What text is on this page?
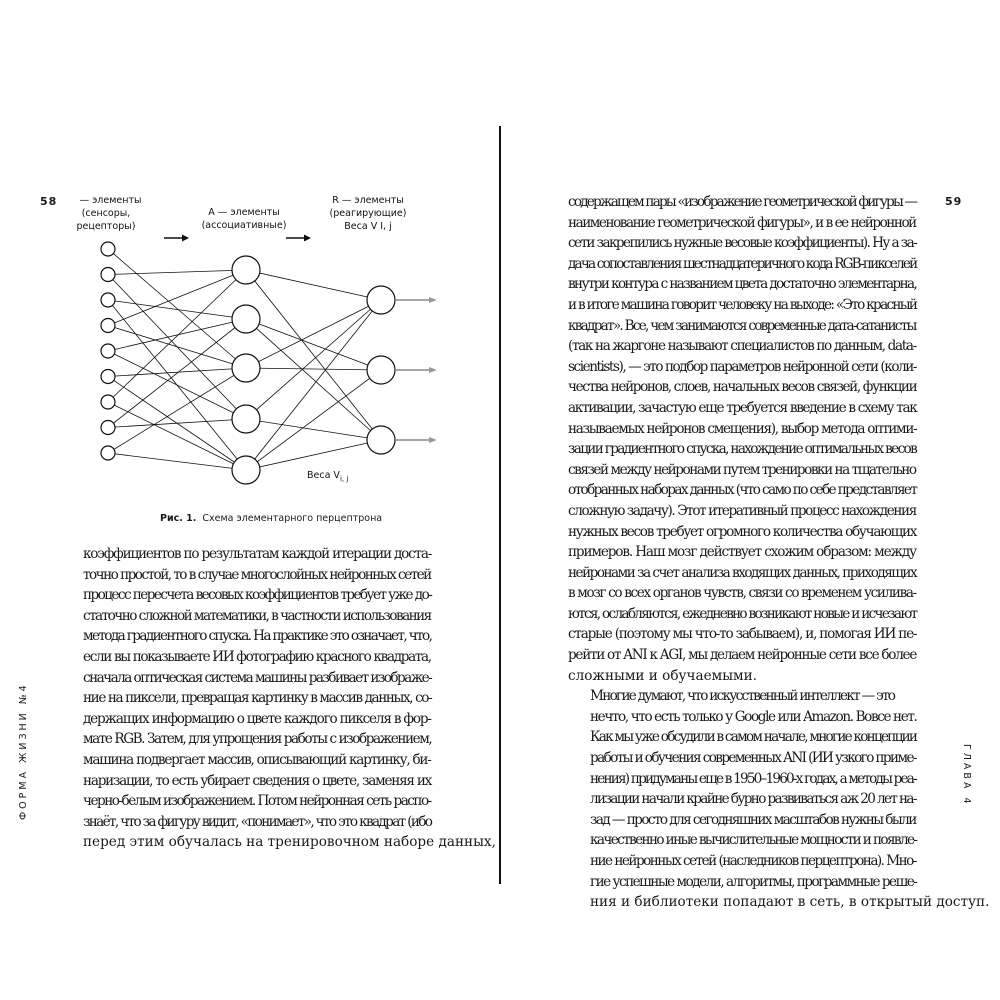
58
ФОРМА ЖИЗНИ №4
S — элементы
(сенсоры,
рецепторы)
А — элементы
(ассоциативные)
R — элементы
(реагирующие)
Веса V I, j
Веса $V_{i, j}$
Рис. 1. Схема элементарного перцептрона

коэффициентов по результатам каждой итерации доста-
точно простой, то в случае многослойных нейронных сетей
процесс пересчета весовых коэффициентов требует уже до-
статочно сложной математики, в частности использования
метода градиентного спуска. На практике это означает, что,
если вы показываете ИИ фотографию красного квадрата,
сначала оптическая система машины разбивает изображе-
ние на пиксели, превращая картинку в массив данных, со-
держащих информацию о цвете каждого пикселя в фор-
мате RGB. Затем, для упрощения работы с изображением,
машина подвергает массив, описывающий картинку, би-
наризации, то есть убирает сведения о цвете, заменяя их
черно-белым изображением. Потом нейронная сеть распо-
знаёт, что за фигуру видит, «понимает», что это квадрат (ибо
перед этим обучалась на тренировочном наборе данных,

59
ГЛАВА 4

содержащем пары «изображение геометрической фигуры —
наименование геометрической фигуры», и в ее нейронной
сети закрепились нужные весовые коэффициенты). Ну а за-
дача сопоставления шестнадцатеричного кода RGB-пикселей
внутри контура с названием цвета достаточно элементарна,
и в итоге машина говорит человеку на выходе: «Это красный
квадрат». Все, чем занимаются современные дата-сатанисты
(так на жаргоне называют специалистов по данным, data-
scientists), — это подбор параметров нейронной сети (коли-
чества нейронов, слоев, начальных весов связей, функции
активации, зачастую еще требуется введение в схему так
называемых нейронов смещения), выбор метода оптими-
зации градиентного спуска, нахождение оптимальных весов
связей между нейронами путем тренировки на тщательно
отобранных наборах данных (что само по себе представляет
сложную задачу). Этот итеративный процесс нахождения
нужных весов требует огромного количества обучающих
примеров. Наш мозг действует схожим образом: между
нейронами за счет анализа входящих данных, приходящих
в мозг со всех органов чувств, связи со временем усилива-
ются, ослабляются, ежедневно возникают новые и исчезают
старые (поэтому мы что-то забываем), и, помогая ИИ пе-
рейти от ANI к AGI, мы делаем нейронные сети все более
сложными и обучаемыми.

Многие думают, что искусственный интеллект — это
нечто, что есть только у Google или Amazon. Вовсе нет.
Как мы уже обсудили в самом начале, многие концепции
работы и обучения современных ANI (ИИ узкого приме-
нения) придуманы еще в 1950–1960-х годах, а методы реа-
лизации начали крайне бурно развиваться аж 20 лет на-
зад — просто для сегодняшних масштабов нужны были
качественно иные вычислительные мощности и появле-
ние нейронных сетей (наследников перцептрона). Мно-
гие успешные модели, алгоритмы, программные реше-
ния и библиотеки попадают в сеть, в открытый доступ.
